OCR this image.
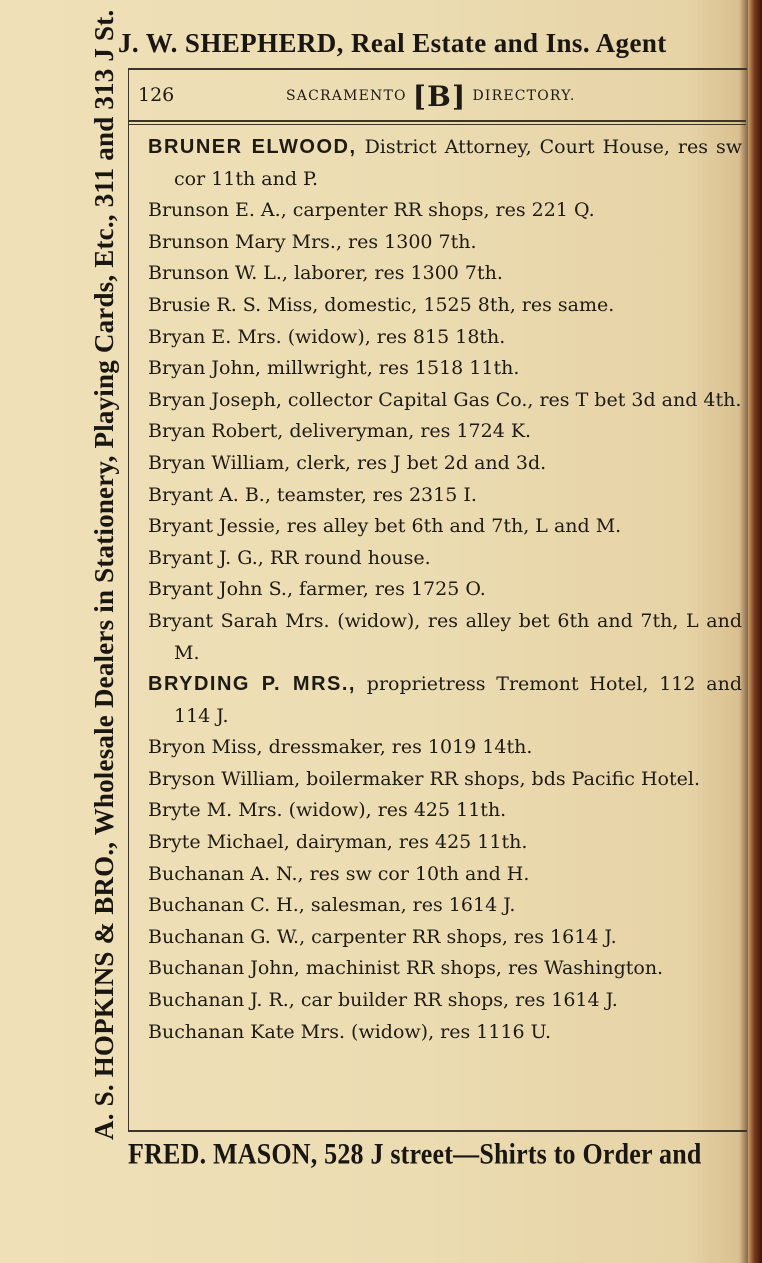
J. W. SHEPHERD, Real Estate and Ins. Agent
A. S. HOPKINS & BRO., Wholesale Dealers in Stationery, Playing Cards, Etc., 311 and 313 J St.
FRED. MASON, 528 J street—Shirts to Order and
126	SACRAMENTO [B] DIRECTORY.
BRUNER ELWOOD, District Attorney, Court House, res sw cor 11th and P.
Brunson E. A., carpenter RR shops, res 221 Q.
Brunson Mary Mrs., res 1300 7th.
Brunson W. L., laborer, res 1300 7th.
Brusie R. S. Miss, domestic, 1525 8th, res same.
Bryan E. Mrs. (widow), res 815 18th.
Bryan John, millwright, res 1518 11th.
Bryan Joseph, collector Capital Gas Co., res T bet 3d and 4th.
Bryan Robert, deliveryman, res 1724 K.
Bryan William, clerk, res J bet 2d and 3d.
Bryant A. B., teamster, res 2315 I.
Bryant Jessie, res alley bet 6th and 7th, L and M.
Bryant J. G., RR round house.
Bryant John S., farmer, res 1725 O.
Bryant Sarah Mrs. (widow), res alley bet 6th and 7th, L and M.
BRYDING P. MRS., proprietress Tremont Hotel, 112 and 114 J.
Bryon Miss, dressmaker, res 1019 14th.
Bryson William, boilermaker RR shops, bds Pacific Hotel.
Bryte M. Mrs. (widow), res 425 11th.
Bryte Michael, dairyman, res 425 11th.
Buchanan A. N., res sw cor 10th and H.
Buchanan C. H., salesman, res 1614 J.
Buchanan G. W., carpenter RR shops, res 1614 J.
Buchanan John, machinist RR shops, res Washington.
Buchanan J. R., car builder RR shops, res 1614 J.
Buchanan Kate Mrs. (widow), res 1116 U.
